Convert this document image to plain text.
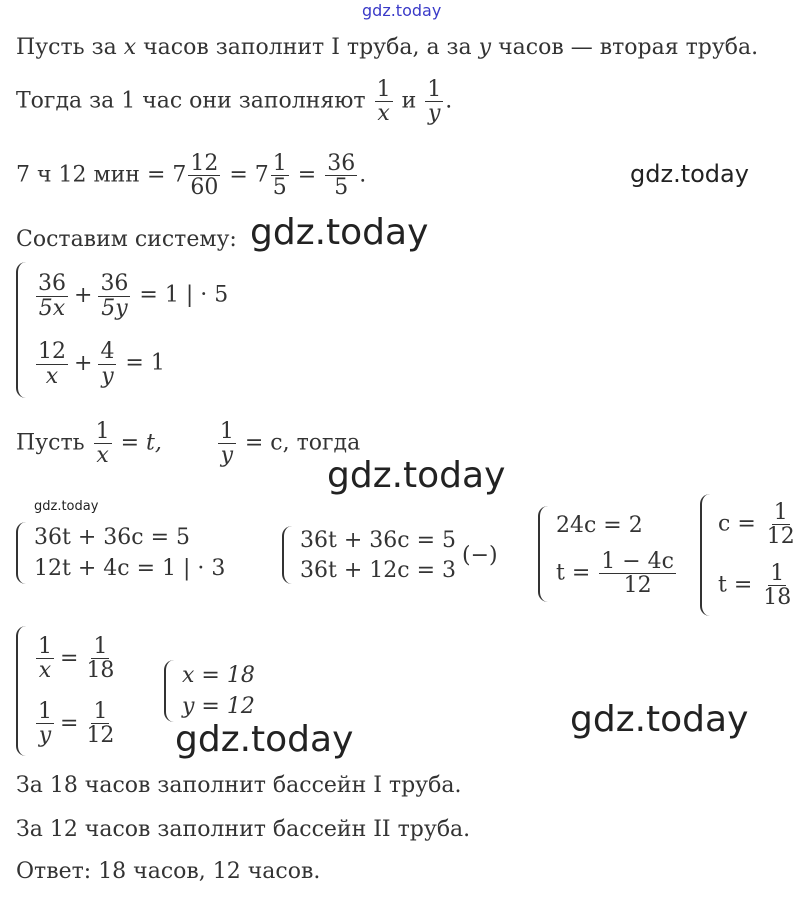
gdz.today
gdz.today
gdz.today
gdz.today
gdz.today
gdz.today
gdz.today
Пусть за x часов заполнит I труба, а за y часов — вторая труба.
Тогда за 1 час они заполняют $\frac{1}{x}$ и $\frac{1}{y}$ .
7 ч 12 мин = $7 \frac{12}{60} = 7 \frac{1}{5} = \frac{36}{5}$ .
Составим систему:
$\frac{36}{5x} + \frac{36}{5y} = 1$ | · 5
$\frac{12}{x} + \frac{4}{y} = 1$
Пусть $\frac{1}{x} = t$, $\frac{1}{y} = c$, тогда
36t + 36c = 5
12t + 4c = 1 | · 3
36t + 36c = 5
36t + 12c = 3
(−)
24c = 2
$t = \frac{1 - 4c}{12}$
$c = \frac{1}{12}$
$t = \frac{1}{18}$
$\frac{1}{x} = \frac{1}{18}$
$\frac{1}{y} = \frac{1}{12}$
x = 18
y = 12
За 18 часов заполнит бассейн I труба.
За 12 часов заполнит бассейн II труба.
Ответ: 18 часов, 12 часов.
